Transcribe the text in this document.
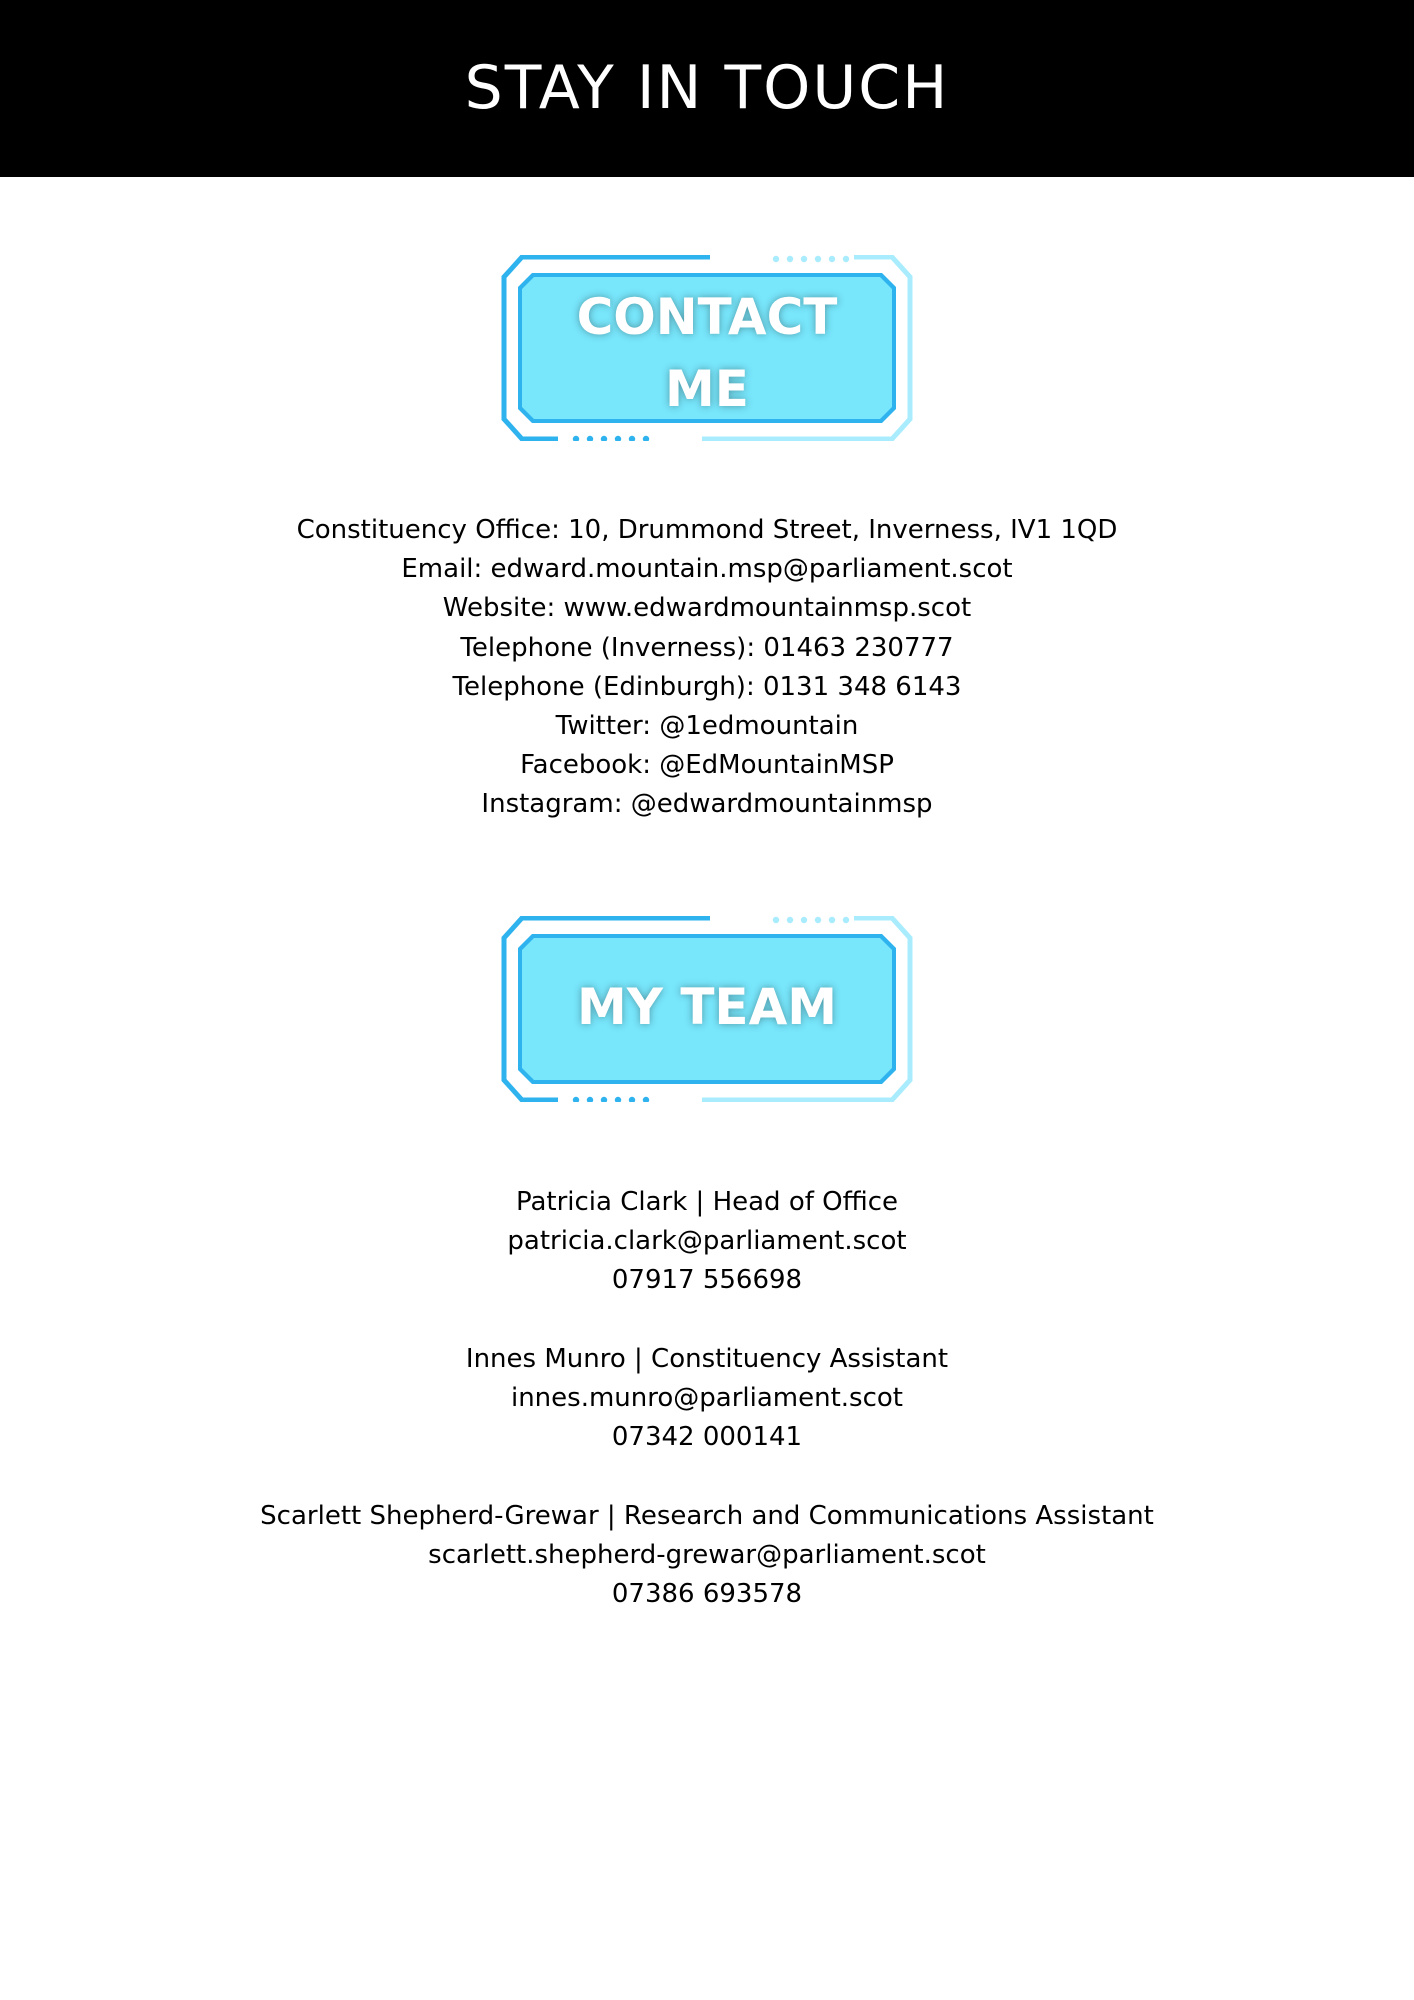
STAY IN TOUCH
CONTACT
ME
Constituency Office: 10, Drummond Street, Inverness, IV1 1QD
Email: edward.mountain.msp@parliament.scot
Website: www.edwardmountainmsp.scot
Telephone (Inverness): 01463 230777
Telephone (Edinburgh): 0131 348 6143
Twitter: @1edmountain
Facebook: @EdMountainMSP
Instagram: @edwardmountainmsp
MY TEAM
Patricia Clark | Head of Office
patricia.clark@parliament.scot
07917 556698
Innes Munro | Constituency Assistant
innes.munro@parliament.scot
07342 000141
Scarlett Shepherd-Grewar | Research and Communications Assistant
scarlett.shepherd-grewar@parliament.scot
07386 693578
